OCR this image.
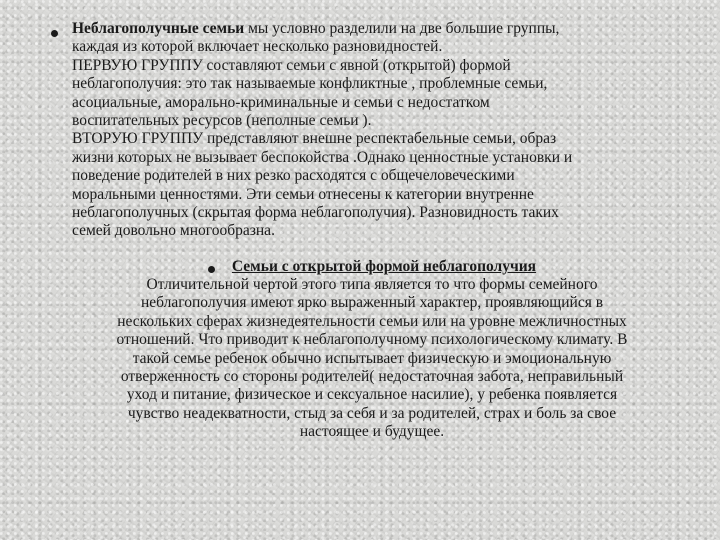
Неблагополучные семьи мы условно разделили на две большие группы,
каждая из которой включает несколько разновидностей.
ПЕРВУЮ ГРУППУ составляют семьи с явной (открытой) формой
неблагополучия: это так называемые конфликтные , проблемные семьи,
асоциальные, аморально-криминальные и семьи с недостатком
воспитательных ресурсов (неполные семьи ).
ВТОРУЮ ГРУППУ представляют внешне респектабельные семьи, образ
жизни которых не вызывает беспокойства .Однако ценностные установки и
поведение родителей в них резко расходятся с общечеловеческими
моральными ценностями. Эти семьи отнесены к категории внутренне
неблагополучных (скрытая форма неблагополучия). Разновидность таких
семей довольно многообразна.

Семьи с открытой формой неблагополучия

Отличительной чертой этого типа является то что формы семейного
неблагополучия имеют ярко выраженный характер, проявляющийся в
нескольких сферах жизнедеятельности семьи или на уровне межличностных
отношений. Что приводит к неблагополучному психологическому климату. В
такой семье ребенок обычно испытывает физическую и эмоциональную
отверженность со стороны родителей( недостаточная забота, неправильный
уход и питание, физическое и сексуальное насилие), у ребенка появляется
чувство неадекватности, стыд за себя и за родителей, страх и боль за свое
настоящее и будущее.
